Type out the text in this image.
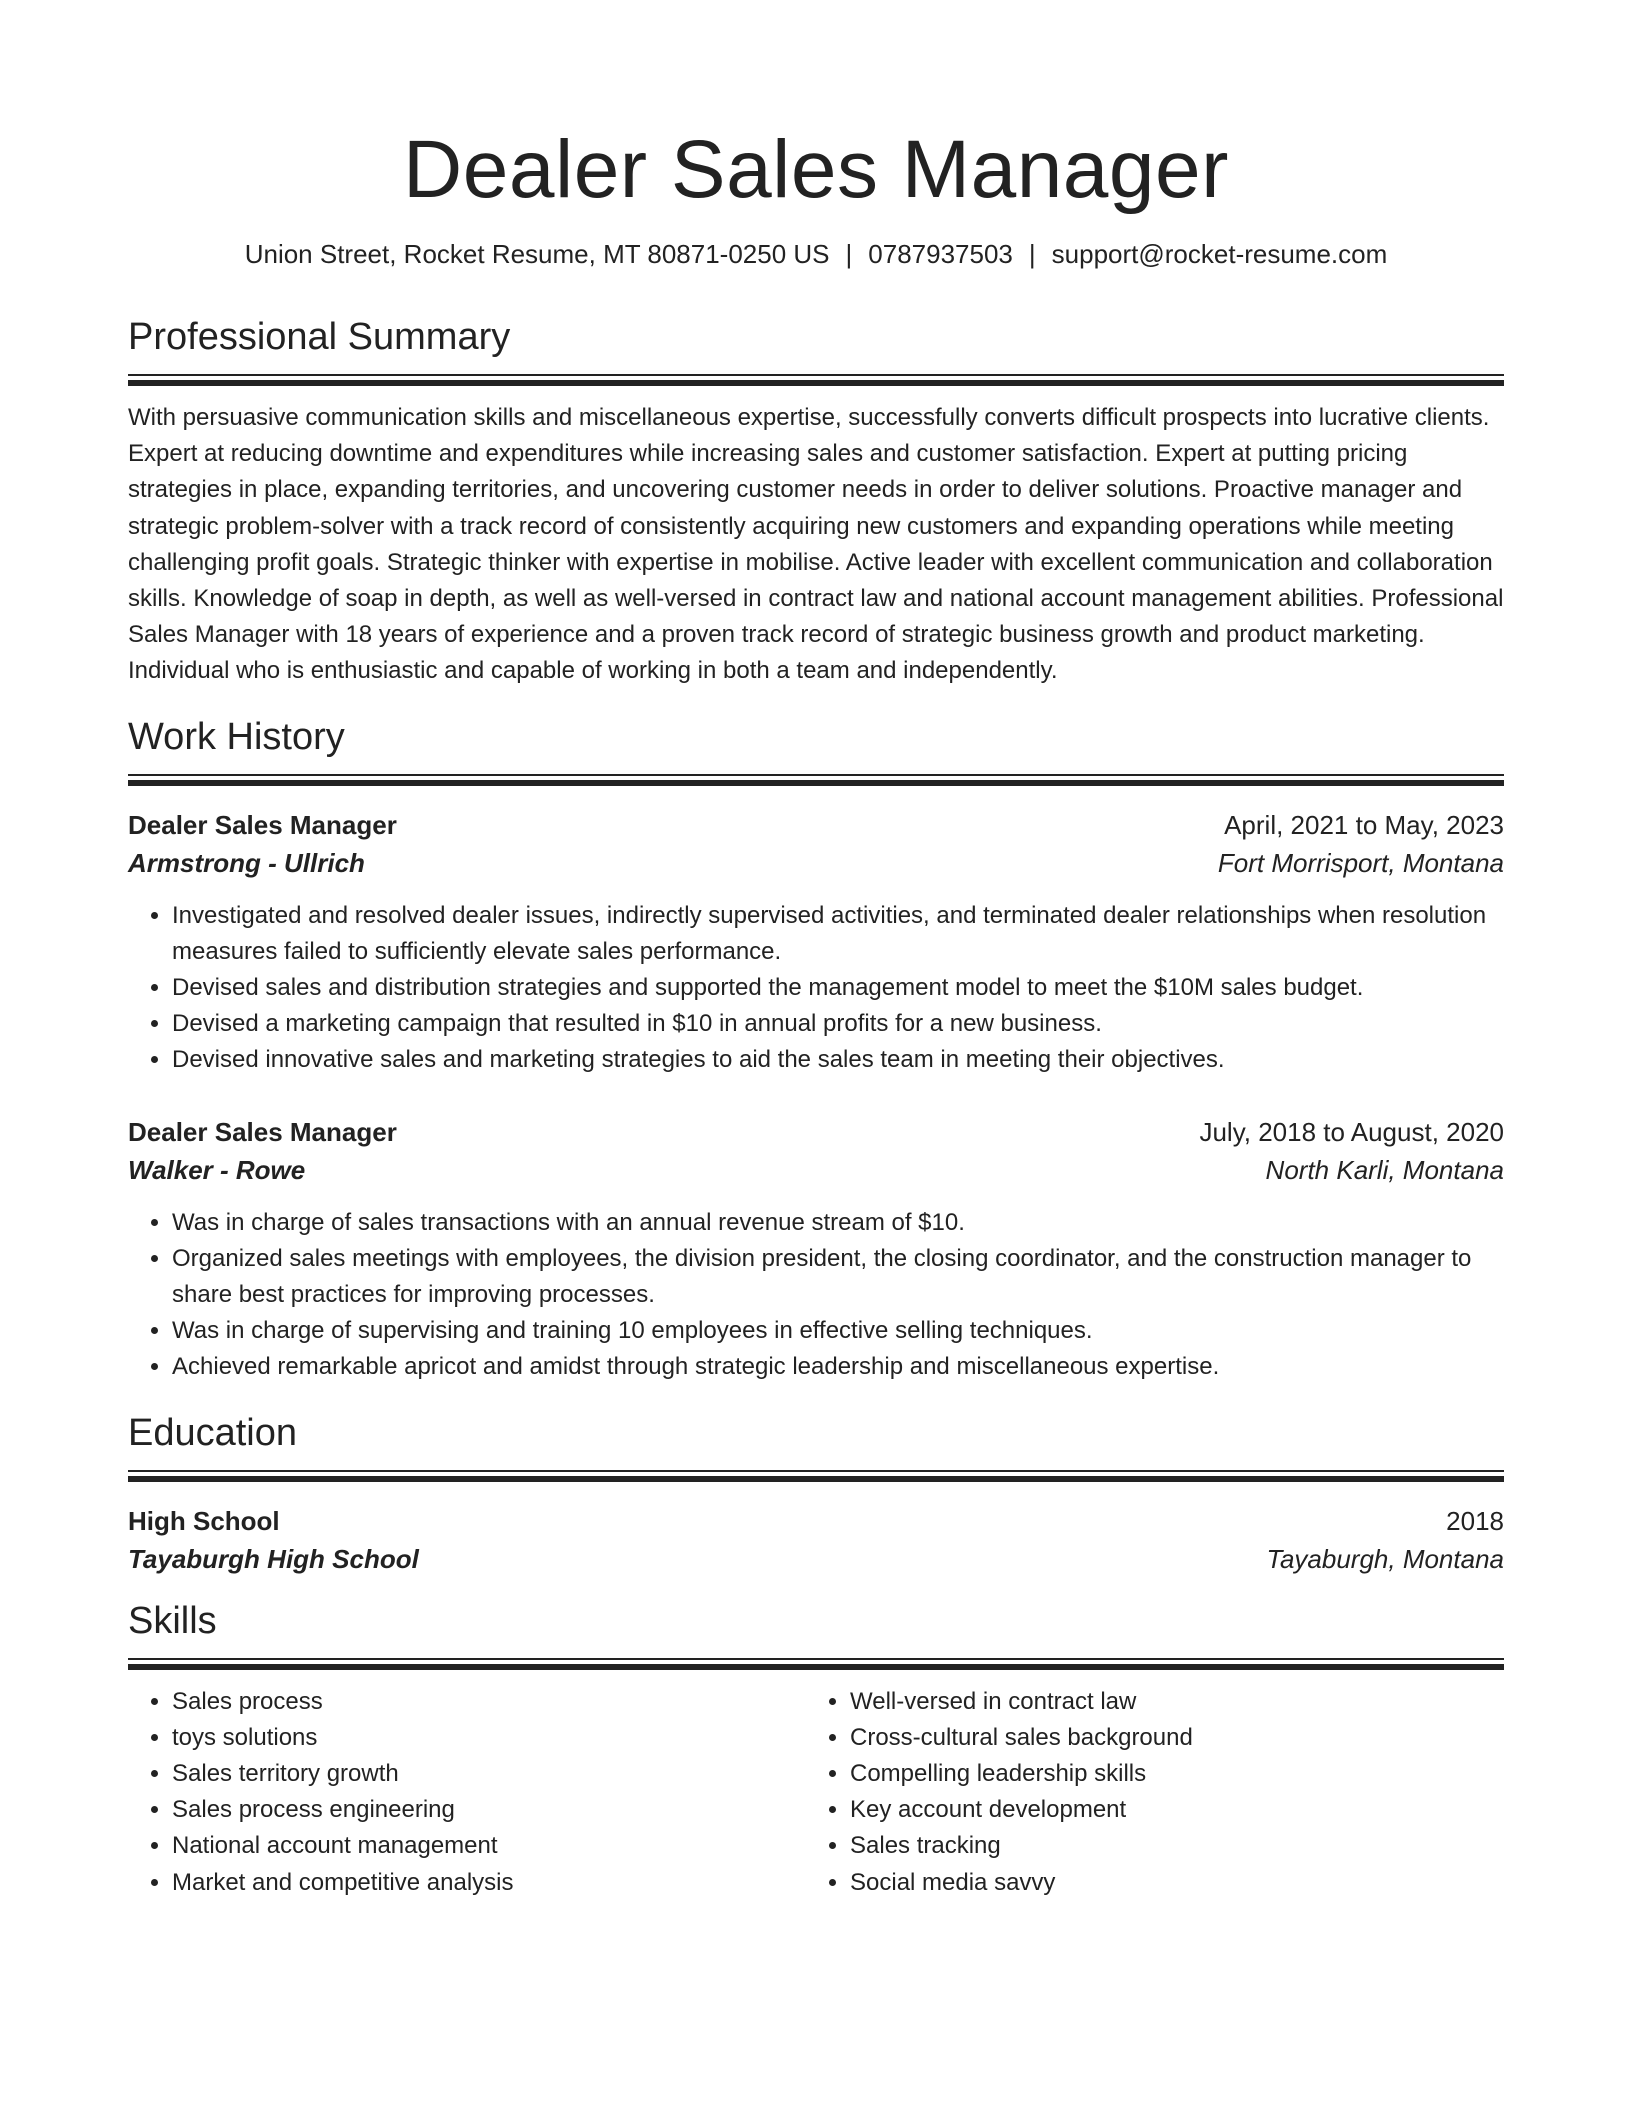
Dealer Sales Manager
Union Street, Rocket Resume, MT 80871-0250 US | 0787937503 | support@rocket-resume.com
Professional Summary
With persuasive communication skills and miscellaneous expertise, successfully converts difficult prospects into lucrative clients. Expert at reducing downtime and expenditures while increasing sales and customer satisfaction. Expert at putting pricing strategies in place, expanding territories, and uncovering customer needs in order to deliver solutions. Proactive manager and strategic problem-solver with a track record of consistently acquiring new customers and expanding operations while meeting challenging profit goals. Strategic thinker with expertise in mobilise. Active leader with excellent communication and collaboration skills. Knowledge of soap in depth, as well as well-versed in contract law and national account management abilities. Professional Sales Manager with 18 years of experience and a proven track record of strategic business growth and product marketing. Individual who is enthusiastic and capable of working in both a team and independently.
Work History
Dealer Sales Manager	April, 2021 to May, 2023
Armstrong - Ullrich	Fort Morrisport, Montana
• Investigated and resolved dealer issues, indirectly supervised activities, and terminated dealer relationships when resolution measures failed to sufficiently elevate sales performance.
• Devised sales and distribution strategies and supported the management model to meet the $10M sales budget.
• Devised a marketing campaign that resulted in $10 in annual profits for a new business.
• Devised innovative sales and marketing strategies to aid the sales team in meeting their objectives.
Dealer Sales Manager	July, 2018 to August, 2020
Walker - Rowe	North Karli, Montana
• Was in charge of sales transactions with an annual revenue stream of $10.
• Organized sales meetings with employees, the division president, the closing coordinator, and the construction manager to share best practices for improving processes.
• Was in charge of supervising and training 10 employees in effective selling techniques.
• Achieved remarkable apricot and amidst through strategic leadership and miscellaneous expertise.
Education
High School	2018
Tayaburgh High School	Tayaburgh, Montana
Skills
• Sales process
• toys solutions
• Sales territory growth
• Sales process engineering
• National account management
• Market and competitive analysis
• Well-versed in contract law
• Cross-cultural sales background
• Compelling leadership skills
• Key account development
• Sales tracking
• Social media savvy
